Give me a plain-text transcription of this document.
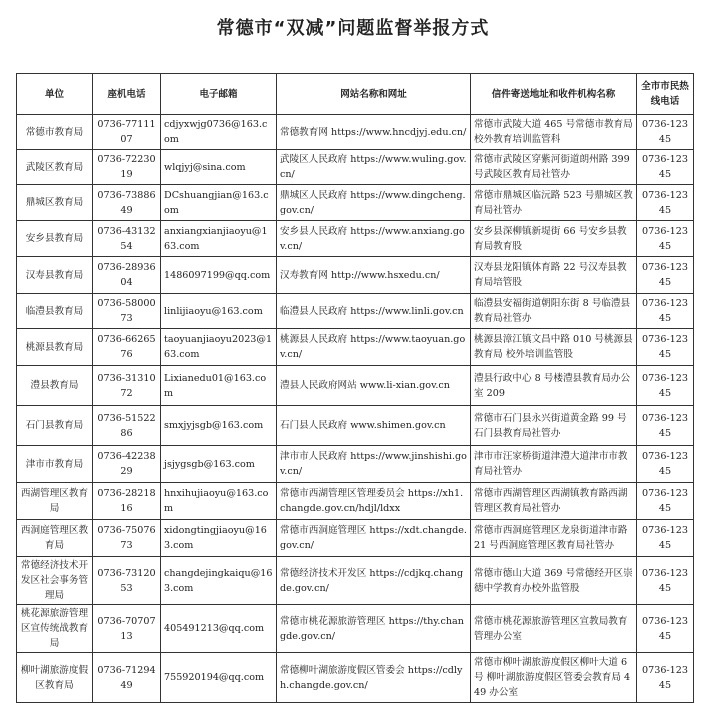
常德市“双减”问题监督举报方式
单位	座机电话	电子邮箱	网站名称和网址	信件寄送地址和收件机构名称	全市市民热线电话
常德市教育局	0736-7711107	cdjyxwjg0736@163.com	常德教育网 https://www.hncdjyj.edu.cn/	常德市武陵大道 465 号常德市教育局校外教育培训监管科	0736-12345
武陵区教育局	0736-7223019	wlqjyj@sina.com	武陵区人民政府 https://www.wuling.gov.cn/	常德市武陵区穿紫河街道朗州路 399 号武陵区教育局社管办	0736-12345
鼎城区教育局	0736-7388649	DCshuangjian@163.com	鼎城区人民政府 https://www.dingcheng.gov.cn/	常德市鼎城区临沅路 523 号鼎城区教育局社管办	0736-12345
安乡县教育局	0736-4313254	anxiangxianjiaoyu@163.com	安乡县人民政府 https://www.anxiang.gov.cn/	安乡县深柳镇新堤街 66 号安乡县教育局教育股	0736-12345
汉寿县教育局	0736-2893604	1486097199@qq.com	汉寿教育网 http://www.hsxedu.cn/	汉寿县龙阳镇体育路 22 号汉寿县教育局培管股	0736-12345
临澧县教育局	0736-5800073	linlijiaoyu@163.com	临澧县人民政府 https://www.linli.gov.cn	临澧县安福街道朝阳东街 8 号临澧县教育局社管办	0736-12345
桃源县教育局	0736-6626576	taoyuanjiaoyu2023@163.com	桃源县人民政府 https://www.taoyuan.gov.cn/	桃源县漳江镇文昌中路 010 号桃源县教育局 校外培训监管股	0736-12345
澧县教育局	0736-3131072	Lixianedu01@163.com	澧县人民政府网站 www.li-xian.gov.cn	澧县行政中心 8 号楼澧县教育局办公室 209	0736-12345
石门县教育局	0736-5152286	smxjyjsgb@163.com	石门县人民政府 www.shimen.gov.cn	常德市石门县永兴街道黄金路 99 号石门县教育局社管办	0736-12345
津市市教育局	0736-4223829	jsjygsgb@163.com	津市市人民政府 https://www.jinshishi.gov.cn/	津市市汪家桥街道津澧大道津市市教育局社管办	0736-12345
西湖管理区教育局	0736-2821816	hnxihujiaoyu@163.com	常德市西湖管理区管理委员会 https://xh1.changde.gov.cn/hdjl/ldxx	常德市西湖管理区西湖镇教育路西湖管理区教育局社管办	0736-12345
西洞庭管理区教育局	0736-7507673	xidongtingjiaoyu@163.com	常德市西洞庭管理区 https://xdt.changde.gov.cn/	常德市西洞庭管理区龙泉街道津市路 21 号西洞庭管理区教育局社管办	0736-12345
常德经济技术开发区社会事务管理局	0736-7312053	changdejingkaiqu@163.com	常德经济技术开发区 https://cdjkq.changde.gov.cn/	常德市德山大道 369 号常德经开区崇德中学教育办校外监管股	0736-12345
桃花源旅游管理区宣传统战教育局	0736-7070713	405491213@qq.com	常德市桃花源旅游管理区 https://thy.changde.gov.cn/	常德市桃花源旅游管理区宣教局教育管理办公室	0736-12345
柳叶湖旅游度假区教育局	0736-7129449	755920194@qq.com	常德柳叶湖旅游度假区管委会 https://cdlyh.changde.gov.cn/	常德市柳叶湖旅游度假区柳叶大道 6 号 柳叶湖旅游度假区管委会教育局 449 办公室	0736-12345
